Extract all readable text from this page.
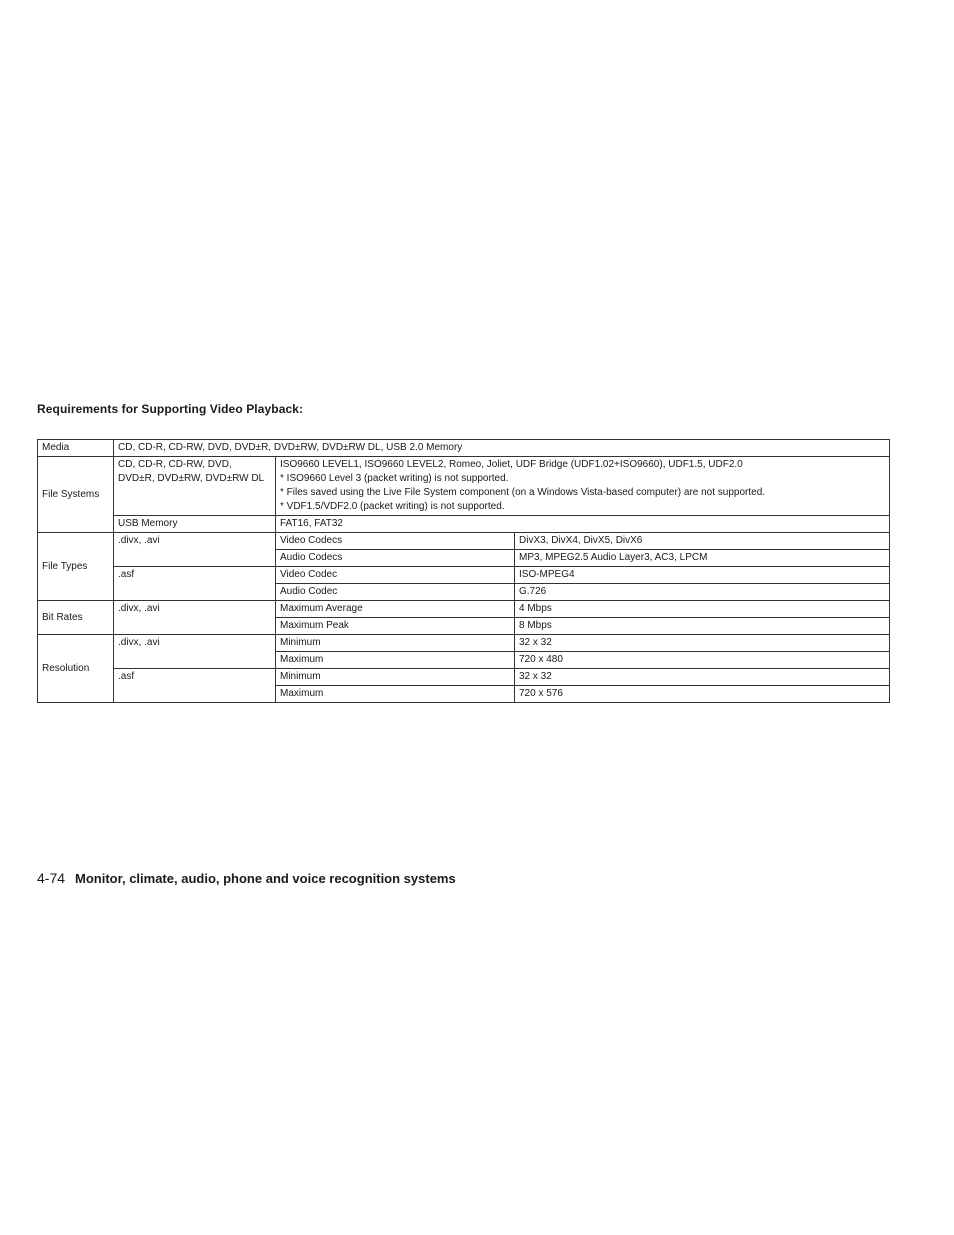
Requirements for Supporting Video Playback:
Media	CD, CD-R, CD-RW, DVD, DVD±R, DVD±RW, DVD±RW DL, USB 2.0 Memory		
File Systems	CD, CD-R, CD-RW, DVD, DVD±R, DVD±RW, DVD±RW DL	ISO9660 LEVEL1, ISO9660 LEVEL2, Romeo, Joliet, UDF Bridge (UDF1.02+ISO9660), UDF1.5, UDF2.0
* ISO9660 Level 3 (packet writing) is not supported.
* Files saved using the Live File System component (on a Windows Vista-based computer) are not supported.
* VDF1.5/VDF2.0 (packet writing) is not supported.	

	USB Memory	FAT16, FAT32	
File Types	.divx, .avi	Video Codecs	DivX3, DivX4, DivX5, DivX6
		Audio Codecs	MP3, MPEG2.5 Audio Layer3, AC3, LPCM
	.asf	Video Codec	ISO-MPEG4
		Audio Codec	G.726
Bit Rates	.divx, .avi	Maximum Average	4 Mbps
		Maximum Peak	8 Mbps
Resolution	.divx, .avi	Minimum	32 x 32
		Maximum	720 x 480
	.asf	Minimum	32 x 32
		Maximum	720 x 576
4-74 Monitor, climate, audio, phone and voice recognition systems
